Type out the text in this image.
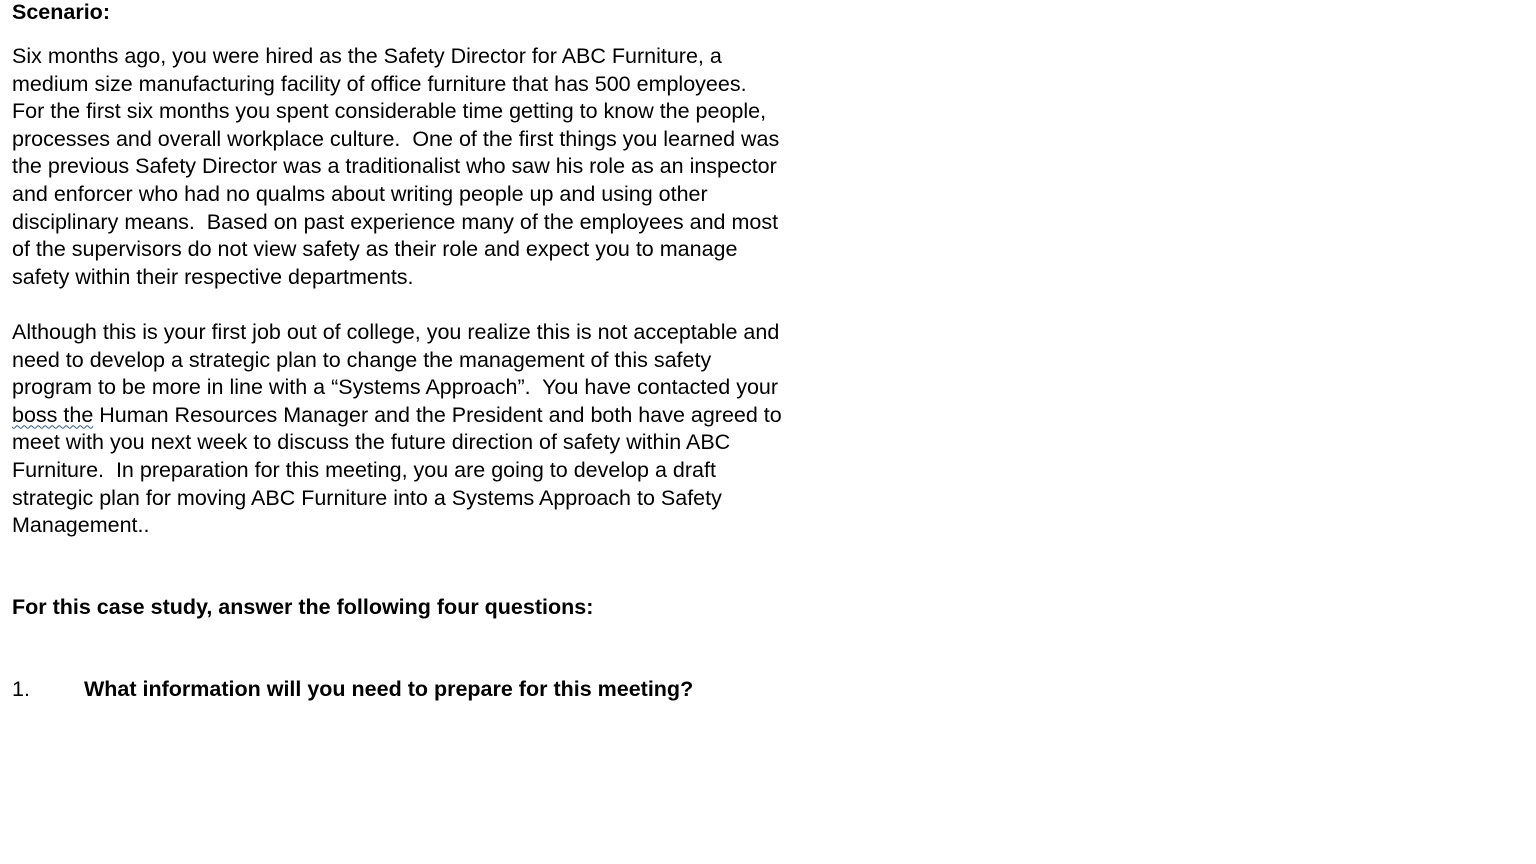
Scenario:

Six months ago, you were hired as the Safety Director for ABC Furniture, a
medium size manufacturing facility of office furniture that has 500 employees.
For the first six months you spent considerable time getting to know the people,
processes and overall workplace culture.  One of the first things you learned was
the previous Safety Director was a traditionalist who saw his role as an inspector
and enforcer who had no qualms about writing people up and using other
disciplinary means.  Based on past experience many of the employees and most
of the supervisors do not view safety as their role and expect you to manage
safety within their respective departments.

Although this is your first job out of college, you realize this is not acceptable and
need to develop a strategic plan to change the management of this safety
program to be more in line with a “Systems Approach”.  You have contacted your
boss the Human Resources Manager and the President and both have agreed to
meet with you next week to discuss the future direction of safety within ABC
Furniture.  In preparation for this meeting, you are going to develop a draft
strategic plan for moving ABC Furniture into a Systems Approach to Safety
Management..

For this case study, answer the following four questions:

1.	What information will you need to prepare for this meeting?
